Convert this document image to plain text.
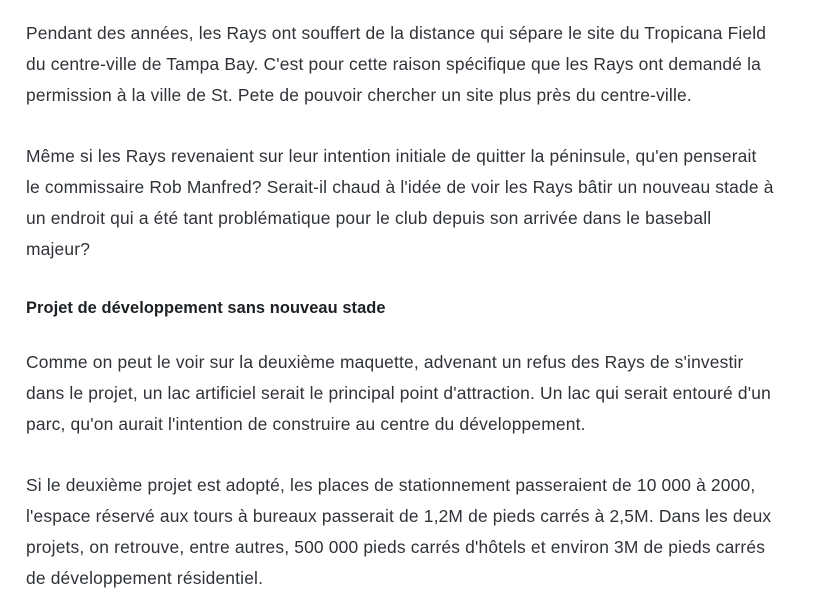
Pendant des années, les Rays ont souffert de la distance qui sépare le site du Tropicana Field du centre-ville de Tampa Bay. C'est pour cette raison spécifique que les Rays ont demandé la permission à la ville de St. Pete de pouvoir chercher un site plus près du centre-ville.

Même si les Rays revenaient sur leur intention initiale de quitter la péninsule, qu'en penserait le commissaire Rob Manfred? Serait-il chaud à l'idée de voir les Rays bâtir un nouveau stade à un endroit qui a été tant problématique pour le club depuis son arrivée dans le baseball majeur?

Projet de développement sans nouveau stade

Comme on peut le voir sur la deuxième maquette, advenant un refus des Rays de s'investir dans le projet, un lac artificiel serait le principal point d'attraction. Un lac qui serait entouré d'un parc, qu'on aurait l'intention de construire au centre du développement.

Si le deuxième projet est adopté, les places de stationnement passeraient de 10 000 à 2000, l'espace réservé aux tours à bureaux passerait de 1,2M de pieds carrés à 2,5M. Dans les deux projets, on retrouve, entre autres, 500 000 pieds carrés d'hôtels et environ 3M de pieds carrés de développement résidentiel.
